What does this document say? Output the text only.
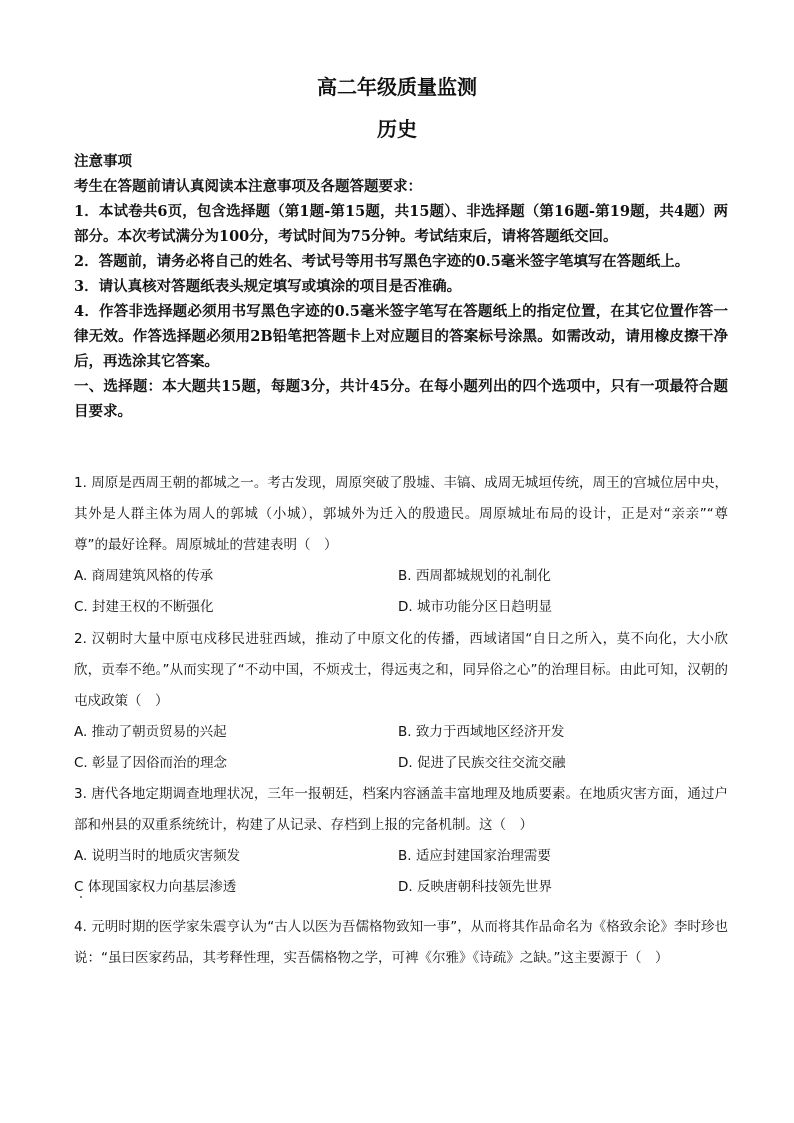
高二年级质量监测
历史

注意事项

考生在答题前请认真阅读本注意事项及各题答题要求：

1．本试卷共6页，包含选择题（第1题-第15题，共15题）、非选择题（第16题-第19题，共4题）两部分。本次考试满分为100分，考试时间为75分钟。考试结束后，请将答题纸交回。

2．答题前，请务必将自己的姓名、考试号等用书写黑色字迹的0.5毫米签字笔填写在答题纸上。

3．请认真核对答题纸表头规定填写或填涂的项目是否准确。

4．作答非选择题必须用书写黑色字迹的0.5毫米签字笔写在答题纸上的指定位置，在其它位置作答一律无效。作答选择题必须用2B铅笔把答题卡上对应题目的答案标号涂黑。如需改动，请用橡皮擦干净后，再选涂其它答案。

一、选择题：本大题共15题，每题3分，共计45分。在每小题列出的四个选项中，只有一项最符合题目要求。

1. 周原是西周王朝的都城之一。考古发现，周原突破了殷墟、丰镐、成周无城垣传统，周王的宫城位居中央，其外是人群主体为周人的郭城（小城），郭城外为迁入的殷遗民。周原城址布局的设计，正是对“亲亲”“尊尊”的最好诠释。周原城址的营建表明（　）

A. 商周建筑风格的传承	B. 西周都城规划的礼制化
C. 封建王权的不断强化	D. 城市功能分区日趋明显

2. 汉朝时大量中原屯戍移民进驻西域，推动了中原文化的传播，西域诸国“自日之所入，莫不向化，大小欣欣，贡奉不绝。”从而实现了“不动中国，不烦戎士，得远夷之和，同异俗之心”的治理目标。由此可知，汉朝的屯戍政策（　）

A. 推动了朝贡贸易的兴起	B. 致力于西域地区经济开发
C. 彰显了因俗而治的理念	D. 促进了民族交往交流交融

3. 唐代各地定期调查地理状况，三年一报朝廷，档案内容涵盖丰富地理及地质要素。在地质灾害方面，通过户部和州县的双重系统统计，构建了从记录、存档到上报的完备机制。这（　）

A. 说明当时的地质灾害频发	B. 适应封建国家治理需要
C 体现国家权力向基层渗透	D. 反映唐朝科技领先世界

4. 元明时期的医学家朱震亨认为“古人以医为吾儒格物致知一事”，从而将其作品命名为《格致余论》李时珍也说：“虽曰医家药品，其考释性理，实吾儒格物之学，可裨《尔雅》《诗疏》之缺。”这主要源于（　）
